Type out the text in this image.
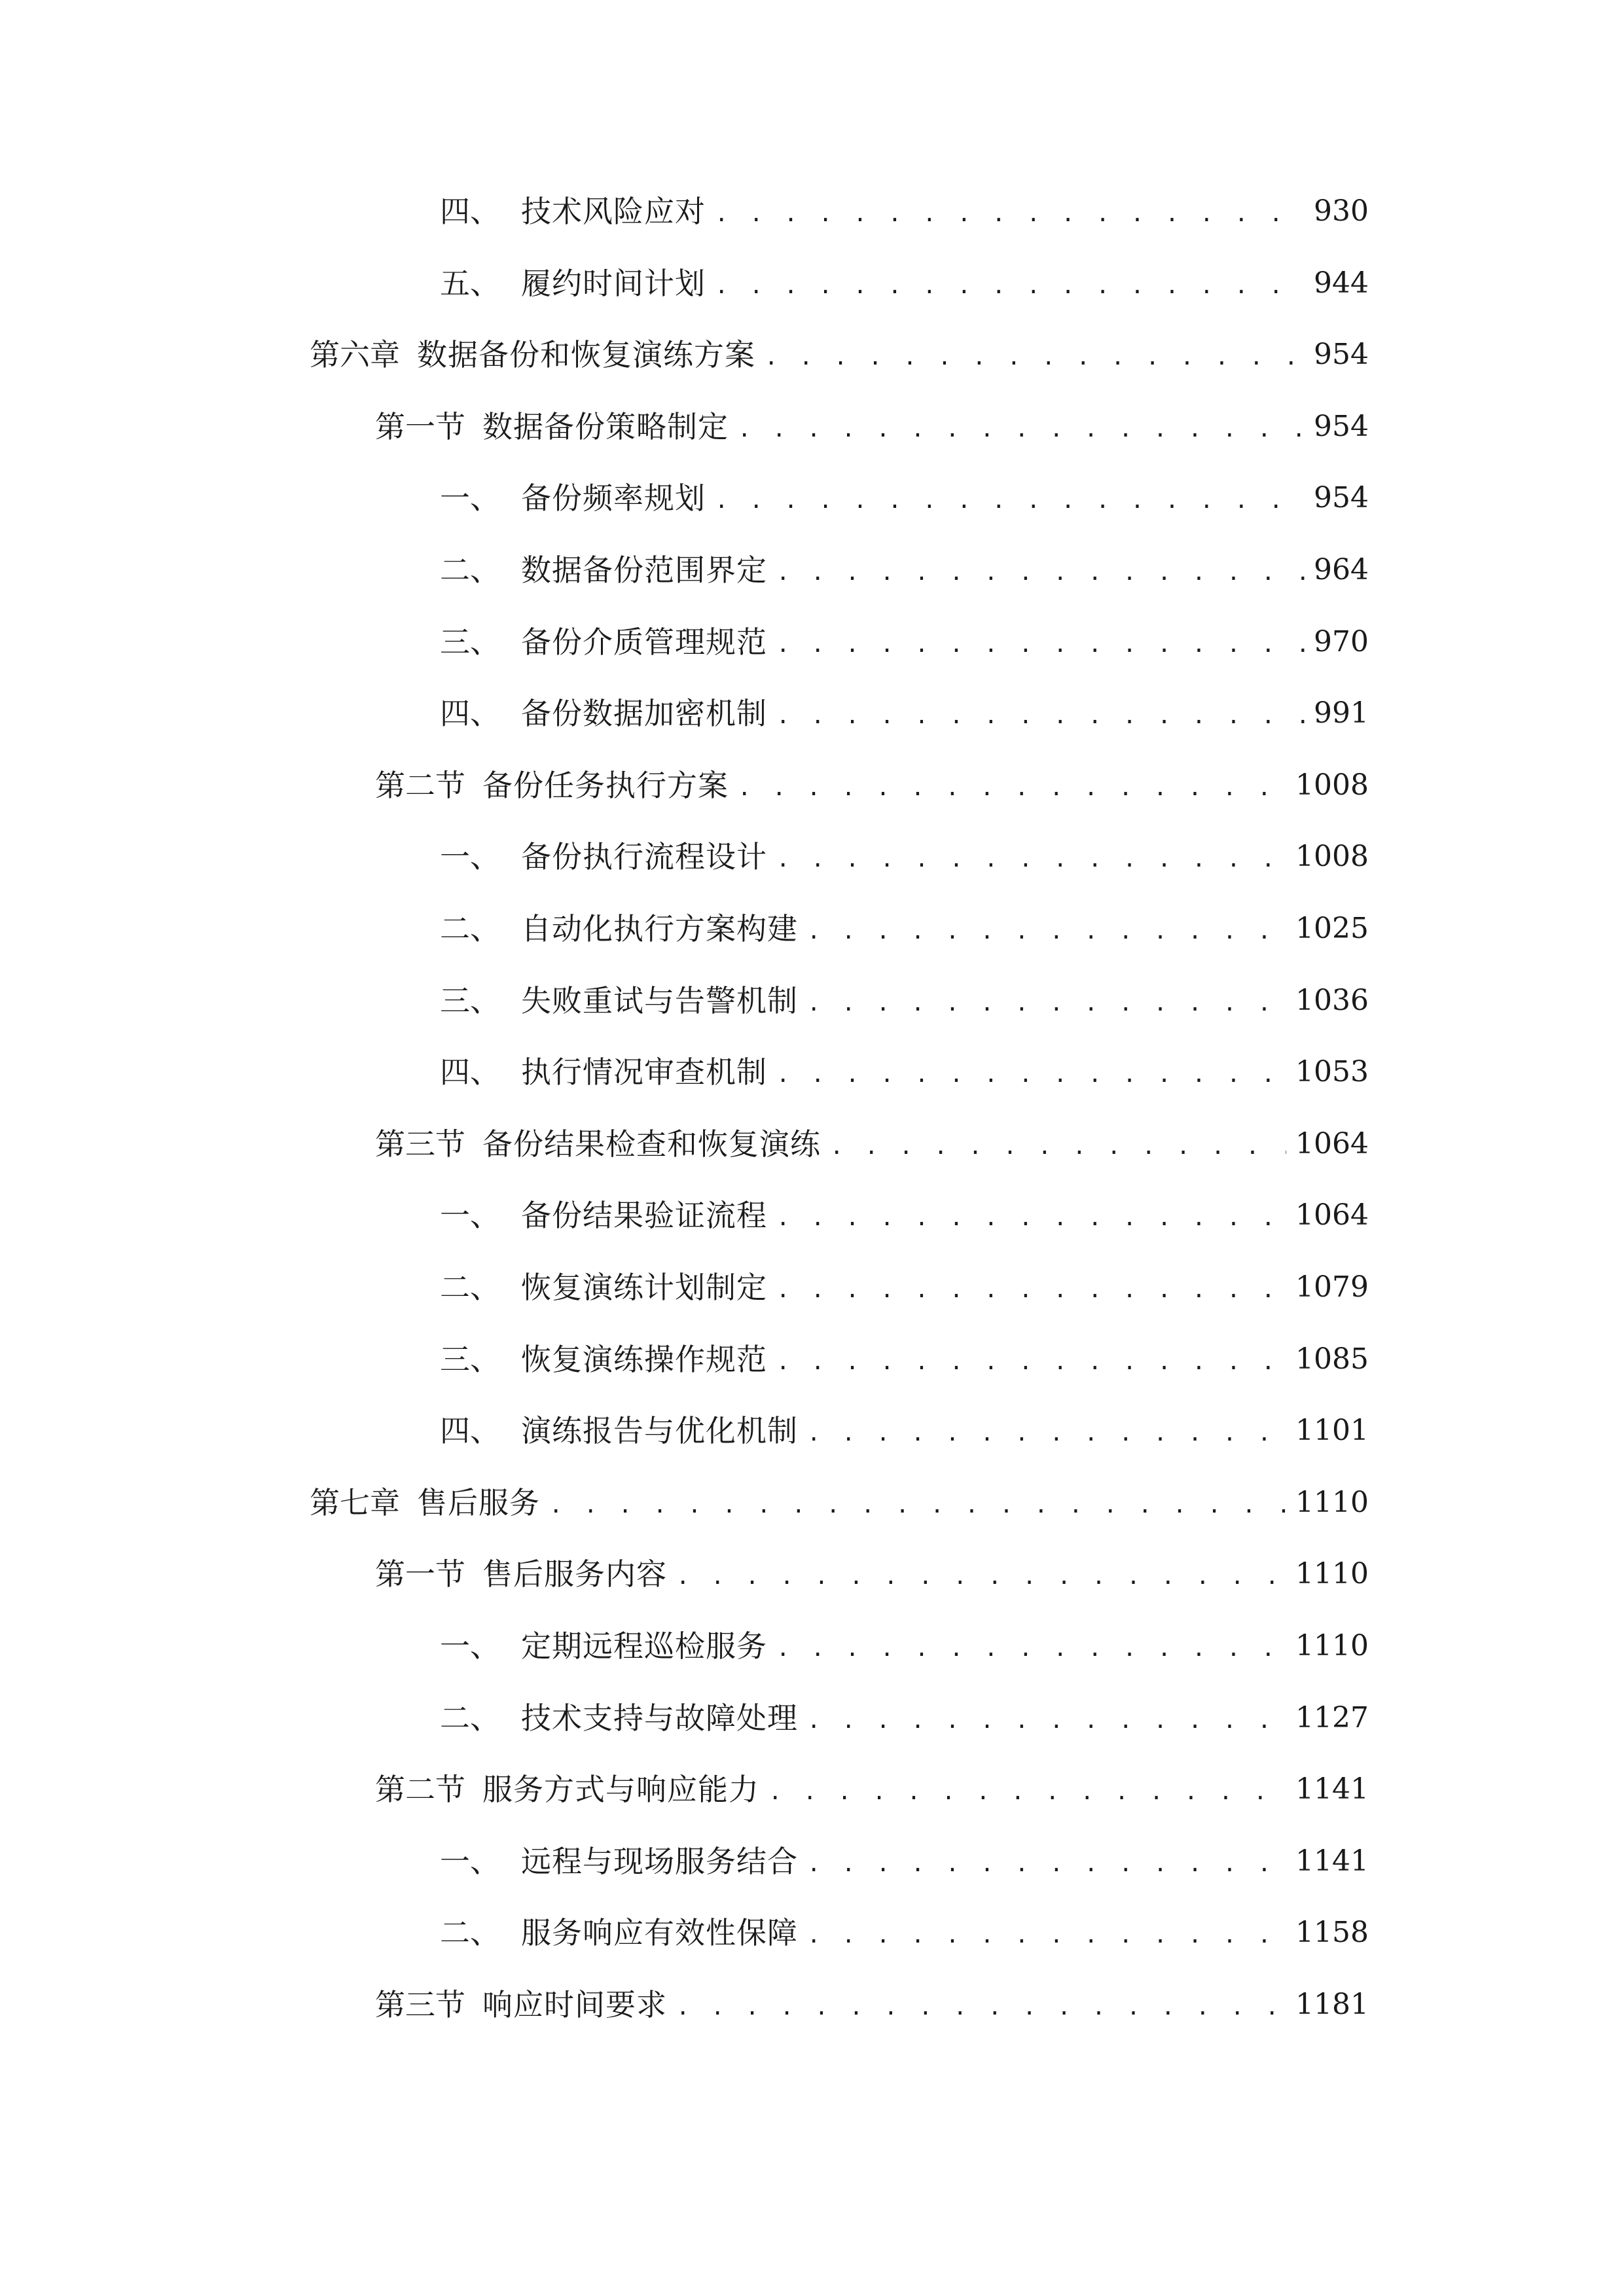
四、 技术风险应对 . . .	930
五、 履约时间计划 . . .	944
第六章 数据备份和恢复演练方案 . . .	954
第一节 数据备份策略制定 . . .	954
一、 备份频率规划 . . .	954
二、 数据备份范围界定 . . .	964
三、 备份介质管理规范 . . .	970
四、 备份数据加密机制 . . .	991
第二节 备份任务执行方案 . . .	1008
一、 备份执行流程设计 . . .	1008
二、 自动化执行方案构建 . . .	1025
三、 失败重试与告警机制 . . .	1036
四、 执行情况审查机制 . . .	1053
第三节 备份结果检查和恢复演练 . . .	1064
一、 备份结果验证流程 . . .	1064
二、 恢复演练计划制定 . . .	1079
三、 恢复演练操作规范 . . .	1085
四、 演练报告与优化机制 . . .	1101
第七章 售后服务 . . .	1110
第一节 售后服务内容 . . .	1110
一、 定期远程巡检服务 . . .	1110
二、 技术支持与故障处理 . . .	1127
第二节 服务方式与响应能力 . . .	1141
一、 远程与现场服务结合 . . .	1141
二、 服务响应有效性保障 . . .	1158
第三节 响应时间要求 . . .	1181
